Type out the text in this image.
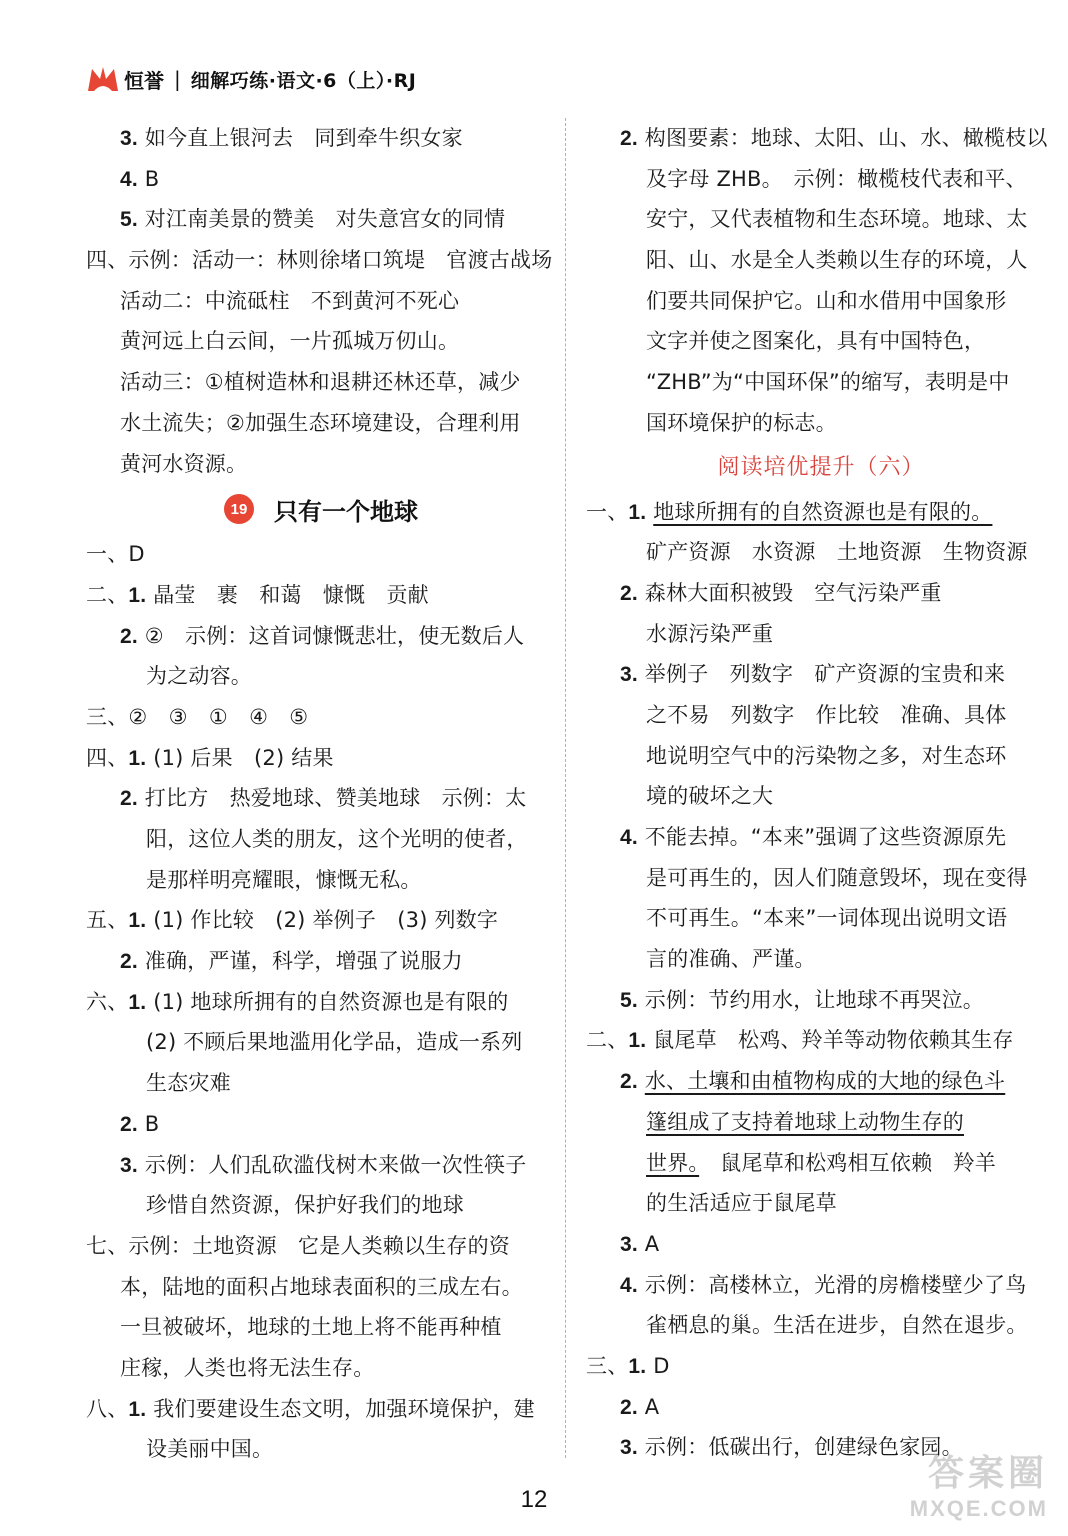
恒誉 | 细解巧练·语文·6（上）·RJ
3. 如今直上银河去　同到牵牛织女家
4. B
5. 对江南美景的赞美　对失意宫女的同情
四、示例：活动一：林则徐堵口筑堤　官渡古战场
活动二：中流砥柱　不到黄河不死心
黄河远上白云间，一片孤城万仞山。
活动三：①植树造林和退耕还林还草，减少
水土流失；②加强生态环境建设，合理利用
黄河水资源。
19 只有一个地球
一、D
二、1. 晶莹　裹　和蔼　慷慨　贡献
2. ②　示例：这首词慷慨悲壮，使无数后人
为之动容。
三、②　③　①　④　⑤
四、1. (1) 后果　(2) 结果
2. 打比方　热爱地球、赞美地球　示例：太
阳，这位人类的朋友，这个光明的使者，
是那样明亮耀眼，慷慨无私。
五、1. (1) 作比较　(2) 举例子　(3) 列数字
2. 准确，严谨，科学，增强了说服力
六、1. (1) 地球所拥有的自然资源也是有限的
(2) 不顾后果地滥用化学品，造成一系列
生态灾难
2. B
3. 示例：人们乱砍滥伐树木来做一次性筷子
珍惜自然资源，保护好我们的地球
七、示例：土地资源　它是人类赖以生存的资
本，陆地的面积占地球表面积的三成左右。
一旦被破坏，地球的土地上将不能再种植
庄稼，人类也将无法生存。
八、1. 我们要建设生态文明，加强环境保护，建
设美丽中国。
2. 构图要素：地球、太阳、山、水、橄榄枝以
及字母 ZHB。　示例：橄榄枝代表和平、
安宁，又代表植物和生态环境。地球、太
阳、山、水是全人类赖以生存的环境，人
们要共同保护它。山和水借用中国象形
文字并使之图案化，具有中国特色，
“ZHB”为“中国环保”的缩写，表明是中
国环境保护的标志。
阅读培优提升（六）
一、1. 地球所拥有的自然资源也是有限的。
矿产资源　水资源　土地资源　生物资源
2. 森林大面积被毁　空气污染严重
水源污染严重
3. 举例子　列数字　矿产资源的宝贵和来
之不易　列数字　作比较　准确、具体
地说明空气中的污染物之多，对生态环
境的破坏之大
4. 不能去掉。“本来”强调了这些资源原先
是可再生的，因人们随意毁坏，现在变得
不可再生。“本来”一词体现出说明文语
言的准确、严谨。
5. 示例：节约用水，让地球不再哭泣。
二、1. 鼠尾草　松鸡、羚羊等动物依赖其生存
2. 水、土壤和由植物构成的大地的绿色斗
篷组成了支持着地球上动物生存的
世界。　鼠尾草和松鸡相互依赖　羚羊
的生活适应于鼠尾草
3. A
4. 示例：高楼林立，光滑的房檐楼壁少了鸟
雀栖息的巢。生活在进步，自然在退步。
三、1. D
2. A
3. 示例：低碳出行，创建绿色家园。
12
答案圈
MXQE.COM
